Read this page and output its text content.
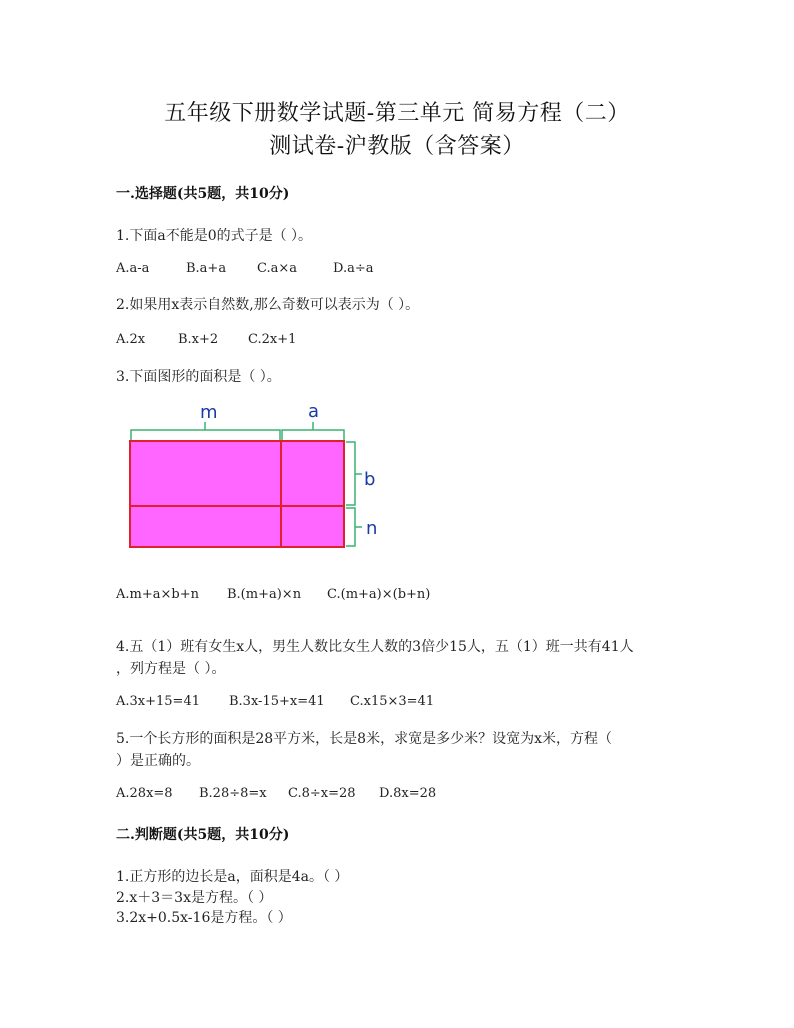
五年级下册数学试题-第三单元 简易方程（二）
测试卷-沪教版（含答案）
一.选择题(共5题，共10分)
1.下面a不能是0的式子是（ ）。
A.a-a	B.a+a	C.a×a	D.a÷a
2.如果用x表示自然数,那么奇数可以表示为（ ）。
A.2x	B.x+2	C.2x+1
3.下面图形的面积是（ ）。
m	a
b
n
A.m+a×b+n	B.(m+a)×n	C.(m+a)×(b+n)
4.五（1）班有女生x人，男生人数比女生人数的3倍少15人，五（1）班一共有41人
，列方程是（ ）。
A.3x+15=41	B.3x-15+x=41	C.x15×3=41
5.一个长方形的面积是28平方米，长是8米，求宽是多少米？设宽为x米，方程（
）是正确的。
A.28x=8	B.28÷8=x	C.8÷x=28	D.8x=28
二.判断题(共5题，共10分)
1.正方形的边长是a，面积是4a。（ ）
2.x＋3＝3x是方程。（ ）
3.2x+0.5x-16是方程。（ ）
